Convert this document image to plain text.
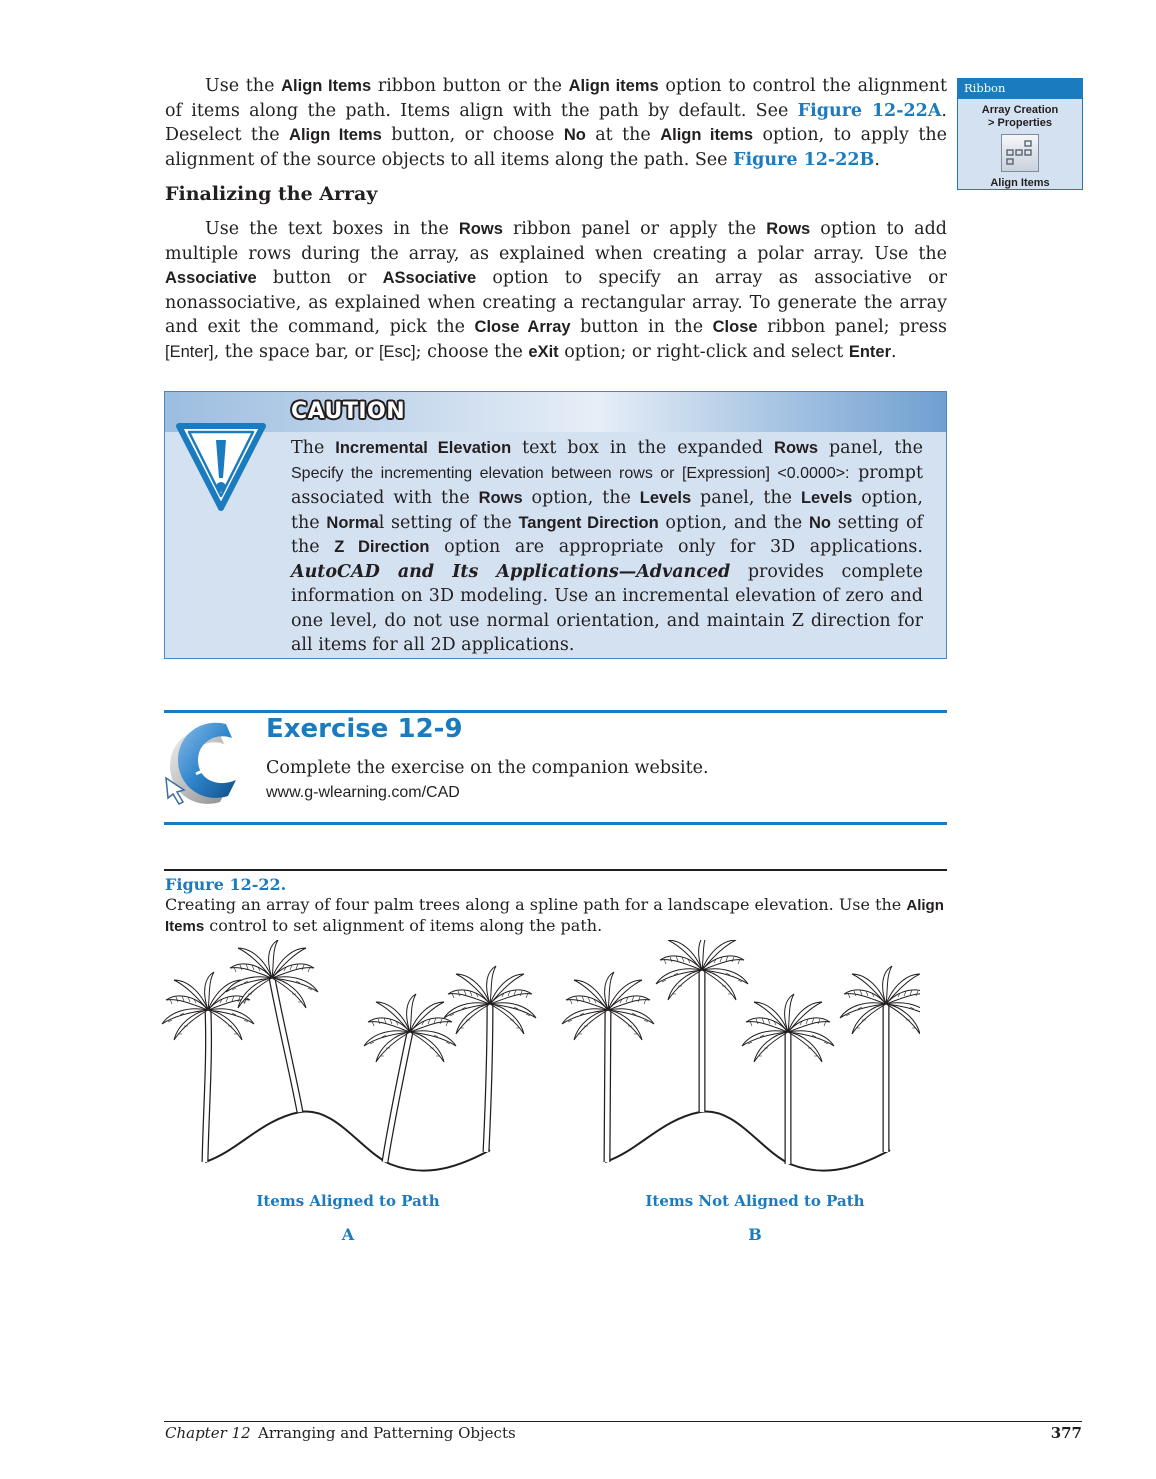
Use the Align Items ribbon button or the Align items option to control the alignment of items along the path. Items align with the path by default. See Figure 12-22A. Deselect the Align Items button, or choose No at the Align items option, to apply the alignment of the source objects to all items along the path. See Figure 12-22B.

Ribbon
Array Creation
> Properties
Align Items
Finalizing the Array

Use the text boxes in the Rows ribbon panel or apply the Rows option to add multiple rows during the array, as explained when creating a polar array. Use the Associative button or ASsociative option to specify an array as associative or nonassociative, as explained when creating a rectangular array. To generate the array and exit the command, pick the Close Array button in the Close ribbon panel; press [Enter], the space bar, or [Esc]; choose the eXit option; or right-click and select Enter.

CAUTION

The Incremental Elevation text box in the expanded Rows panel, the Specify the incrementing elevation between rows or [Expression] <0.0000>: prompt associated with the Rows option, the Levels panel, the Levels option, the Normal setting of the Tangent Direction option, and the No setting of the Z Direction option are appropriate only for 3D applications. AutoCAD and Its Applications—Advanced provides complete information on 3D modeling. Use an incremental elevation of zero and one level, do not use normal orientation, and maintain Z direction for all items for all 2D applications.

Exercise 12-9
Complete the exercise on the companion website.
www.g-wlearning.com/CAD
Figure 12-22.

Creating an array of four palm trees along a spline path for a landscape elevation. Use the Align Items control to set alignment of items along the path.

Items Aligned to Path
A
Items Not Aligned to Path
B
Chapter 12 Arranging and Patterning Objects	377
